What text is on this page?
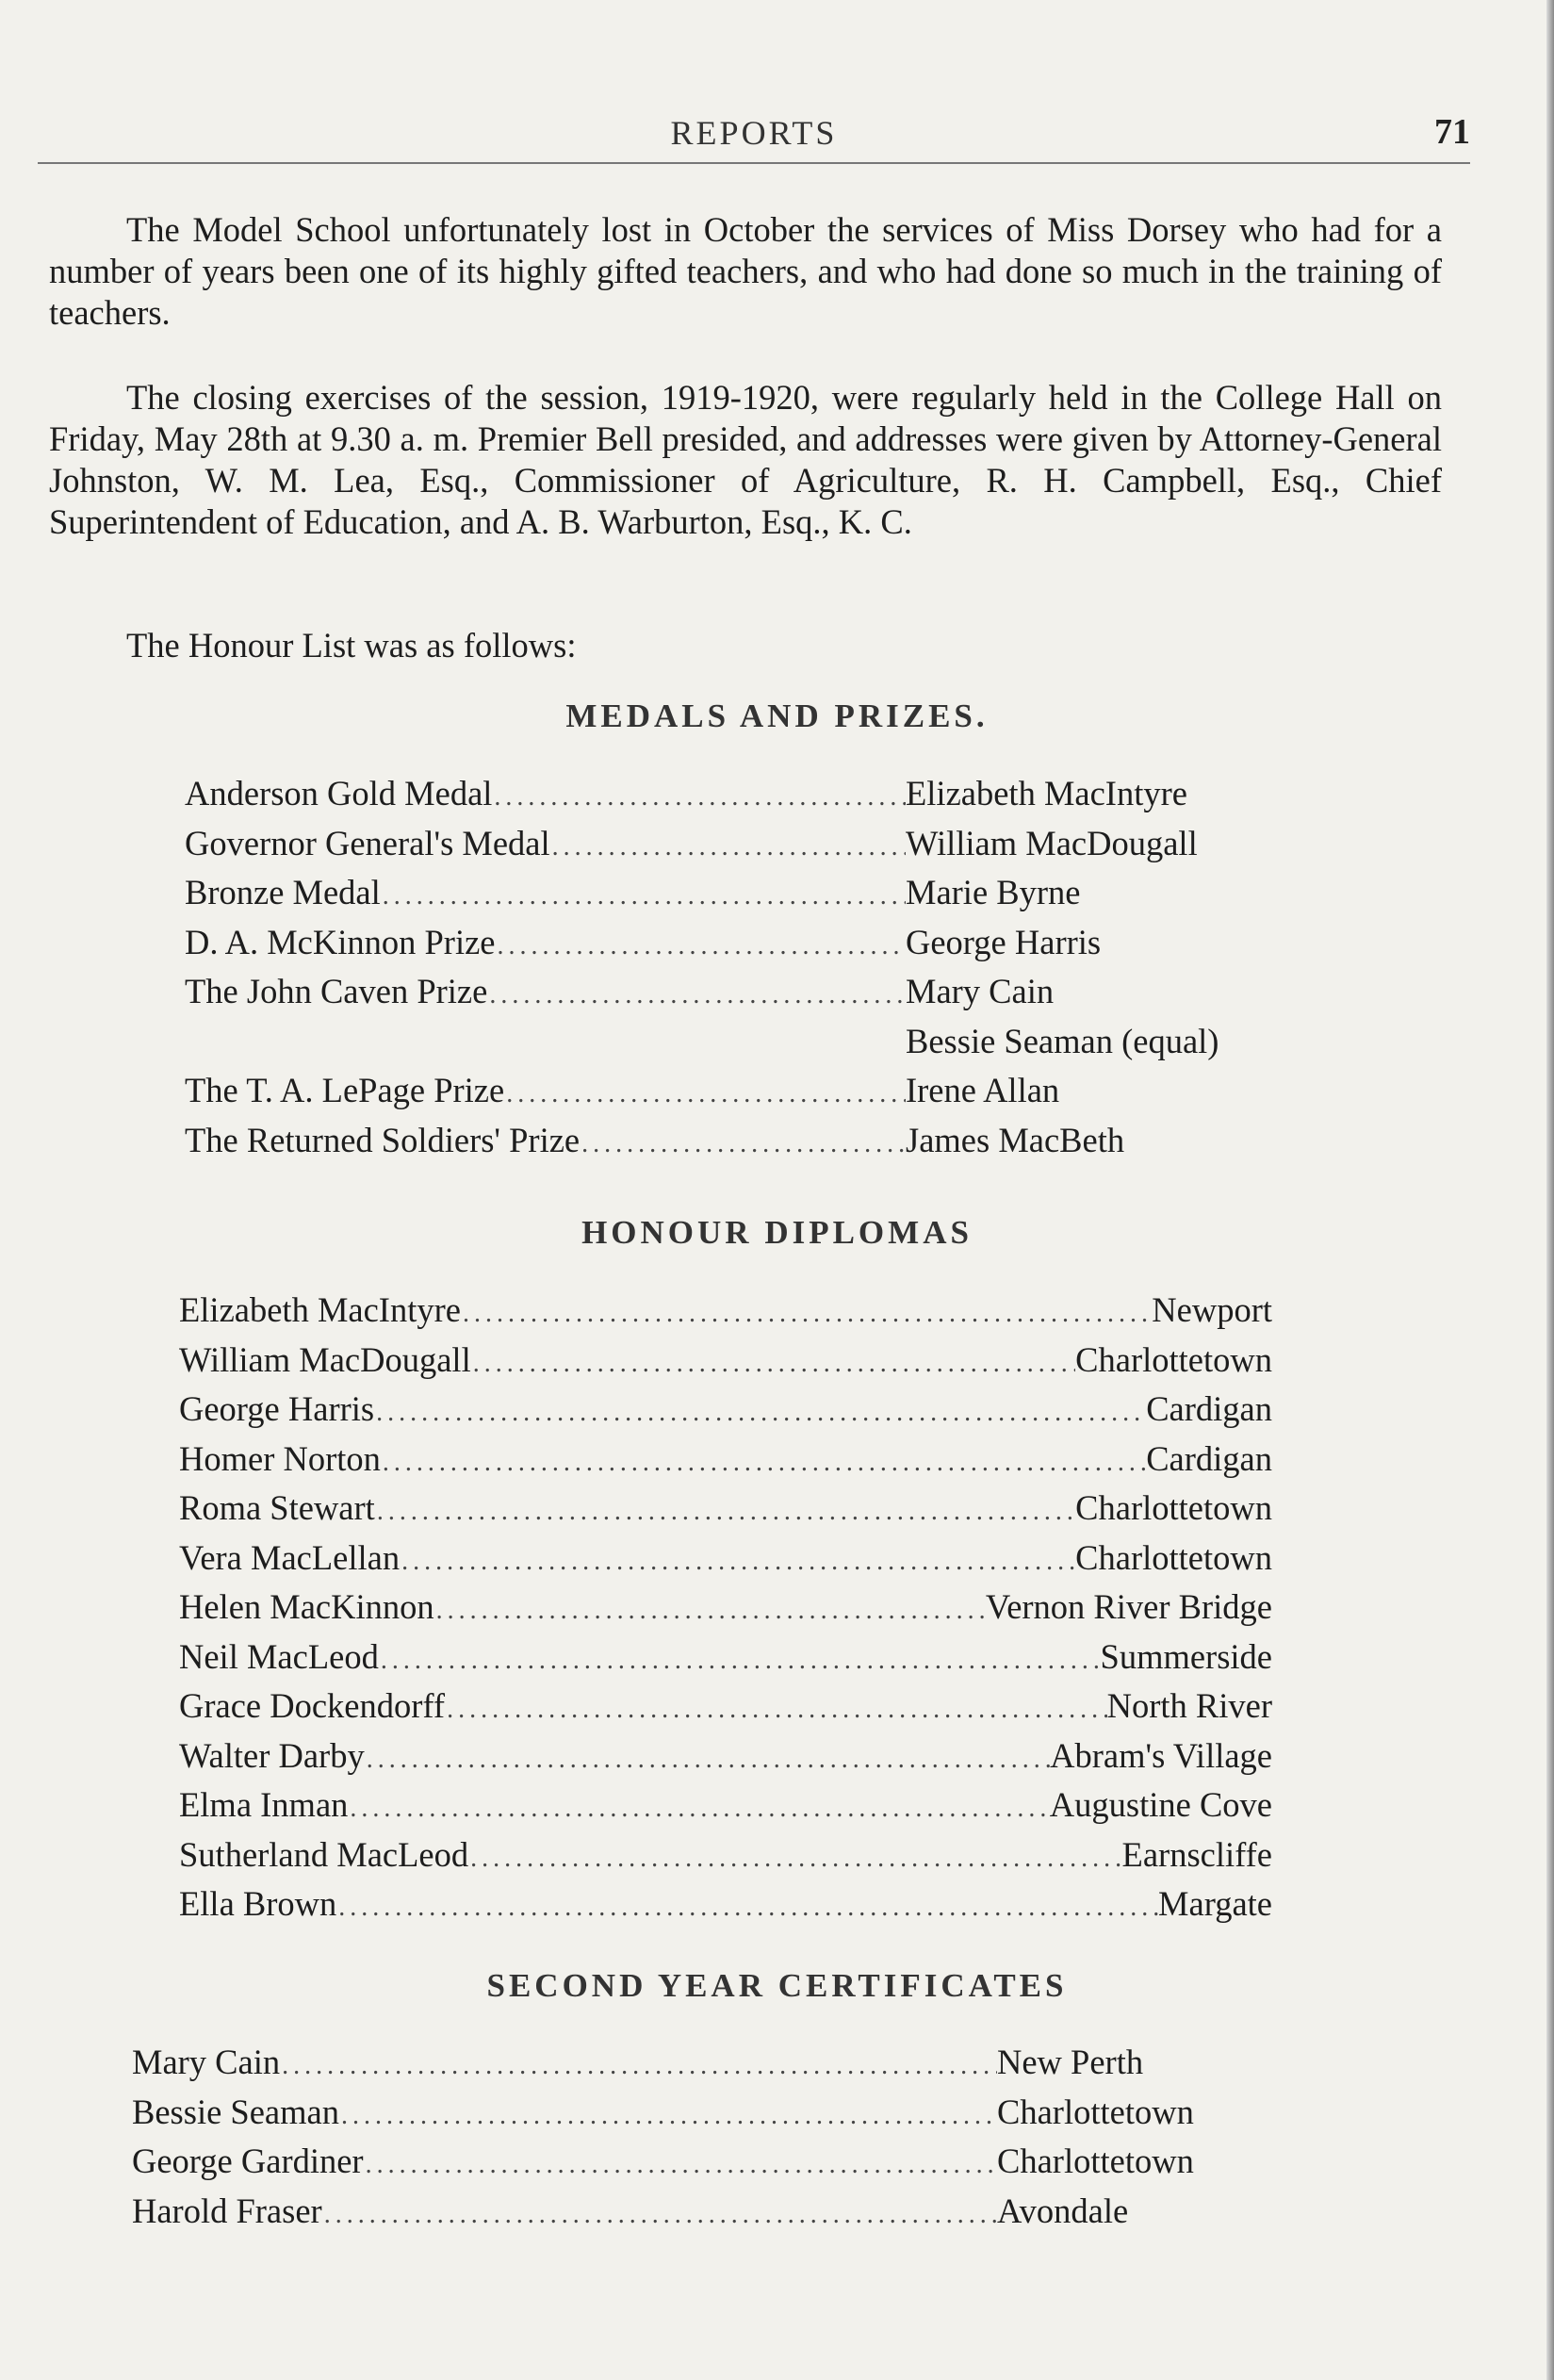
REPORTS	71

The Model School unfortunately lost in October the services of Miss Dorsey who had for a number of years been one of its highly gifted teachers, and who had done so much in the training of teachers.

The closing exercises of the session, 1919-1920, were regularly held in the College Hall on Friday, May 28th at 9.30 a. m. Premier Bell presided, and addresses were given by Attorney-General Johnston, W. M. Lea, Esq., Commissioner of Agriculture, R. H. Campbell, Esq., Chief Superintendent of Education, and A. B. Warburton, Esq., K. C.

The Honour List was as follows:

MEDALS AND PRIZES.
Anderson Gold Medal .....	Elizabeth MacIntyre
Governor General's Medal .....	William MacDougall
Bronze Medal .....	Marie Byrne
D. A. McKinnon Prize .....	George Harris
The John Caven Prize .....	Mary Cain
Bessie Seaman (equal)
The T. A. LePage Prize .....	Irene Allan
The Returned Soldiers' Prize .....	James MacBeth
HONOUR DIPLOMAS
Elizabeth MacIntyre .....	Newport
William MacDougall .....	Charlottetown
George Harris .....	Cardigan
Homer Norton .....	Cardigan
Roma Stewart .....	Charlottetown
Vera MacLellan .....	Charlottetown
Helen MacKinnon .....	Vernon River Bridge
Neil MacLeod .....	Summerside
Grace Dockendorff .....	North River
Walter Darby .....	Abram's Village
Elma Inman .....	Augustine Cove
Sutherland MacLeod .....	Earnscliffe
Ella Brown .....	Margate
SECOND YEAR CERTIFICATES
Mary Cain .....	New Perth
Bessie Seaman .....	Charlottetown
George Gardiner .....	Charlottetown
Harold Fraser .....	Avondale
